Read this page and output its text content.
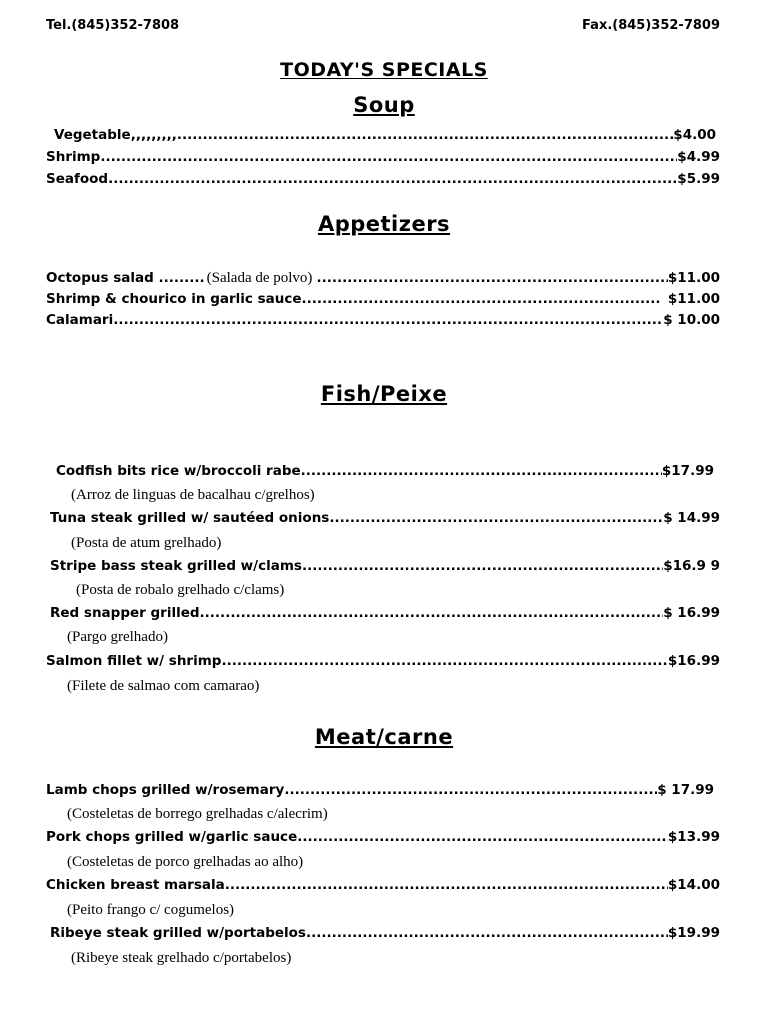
Tel.(845)352-7808	Fax.(845)352-7809
TODAY'S SPECIALS
Soup
Vegetable,,,,,,,,, .....	$4.00
Shrimp .....	$4.99
Seafood .....	$5.99
Appetizers
Octopus salad ......... (Salada de polvo) .....	$11.00
Shrimp & chourico in garlic sauce .....	$11.00
Calamari .....	$ 10.00
Fish/Peixe
Codfish bits rice w/broccoli rabe .....	$17.99
(Arroz de linguas de bacalhau c/grelhos)
Tuna steak grilled w/ sautéed onions .....	$ 14.99
(Posta de atum grelhado)
Stripe bass steak grilled w/clams .....	$16.9 9
(Posta de robalo grelhado c/clams)
Red snapper grilled .....	$ 16.99
(Pargo grelhado)
Salmon fillet w/ shrimp .....	$16.99
(Filete de salmao com camarao)
Meat/carne
Lamb chops grilled w/rosemary .....	$ 17.99
(Costeletas de borrego grelhadas c/alecrim)
Pork chops grilled w/garlic sauce .....	$13.99
(Costeletas de porco grelhadas ao alho)
Chicken breast marsala .....	$14.00
(Peito frango c/ cogumelos)
Ribeye steak grilled w/portabelos .....	$19.99
(Ribeye steak grelhado c/portabelos)
